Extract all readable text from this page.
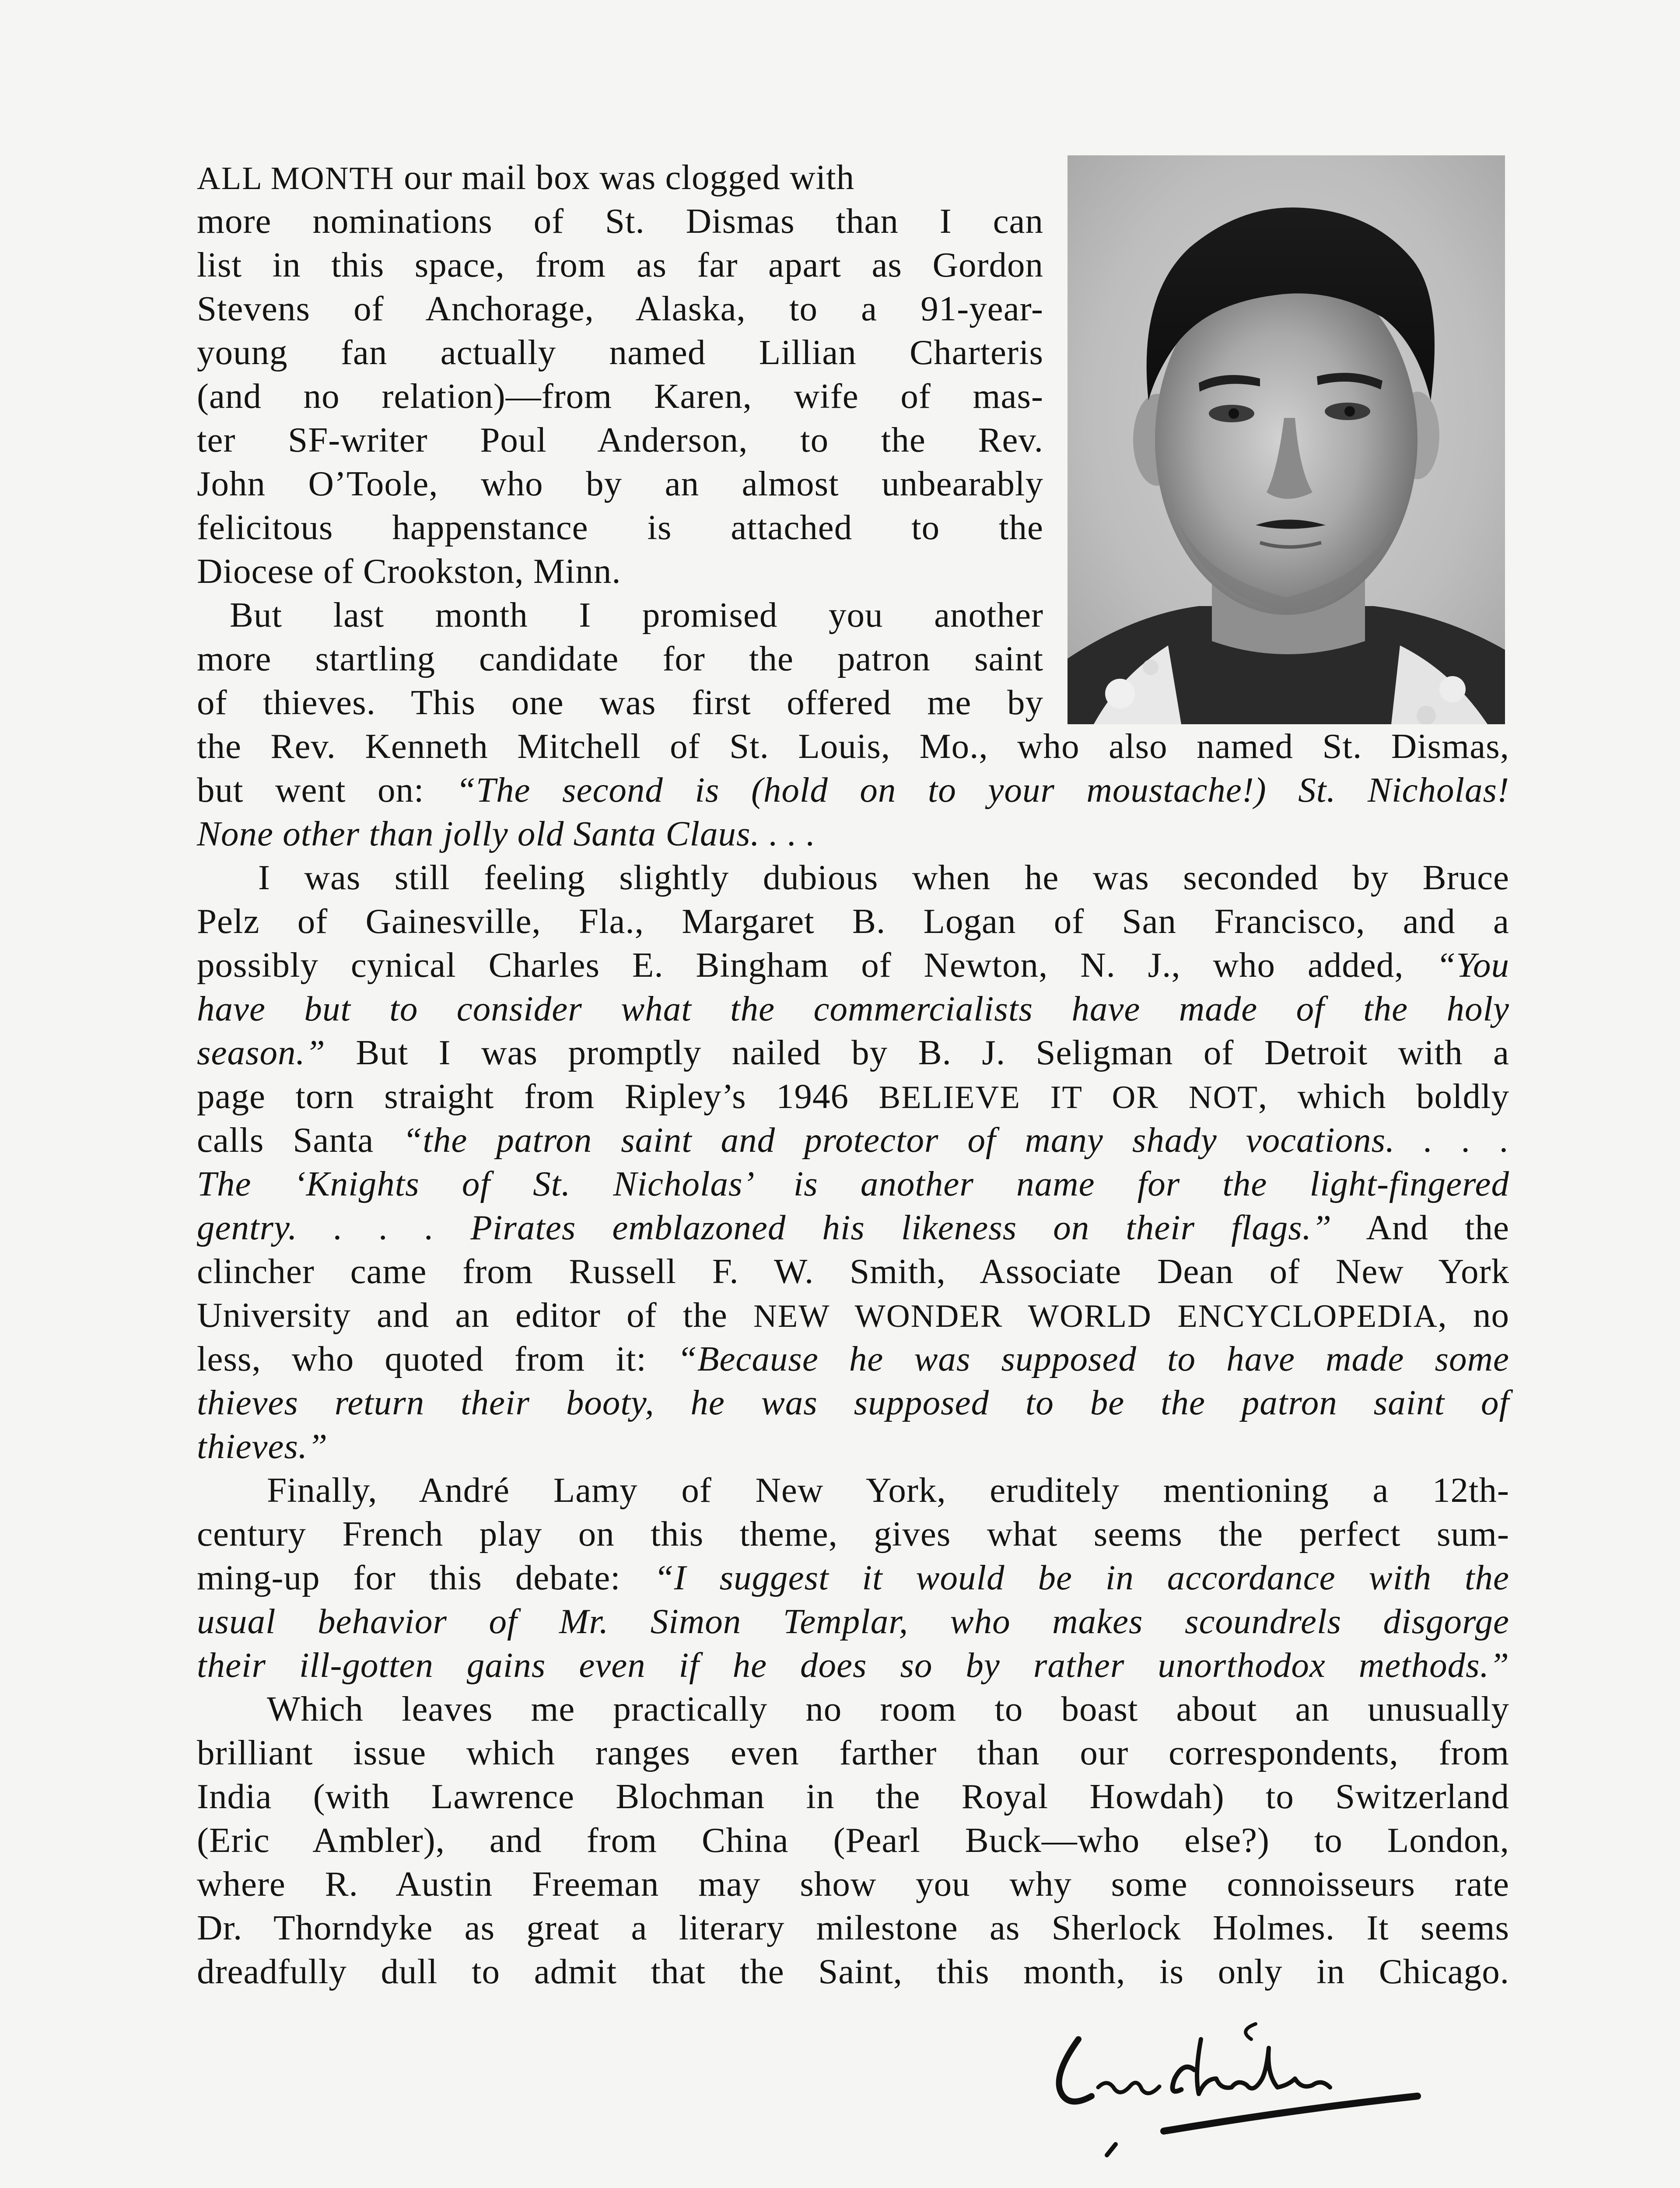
ALL MONTH our mail box was clogged with
more nominations of St. Dismas than I can
list in this space, from as far apart as Gordon
Stevens of Anchorage, Alaska, to a 91-year-
young fan actually named Lillian Charteris
(and no relation)—from Karen, wife of mas-
ter SF-writer Poul Anderson, to the Rev.
John O’Toole, who by an almost unbearably
felicitous happenstance is attached to the
Diocese of Crookston, Minn.
But last month I promised you another
more startling candidate for the patron saint
of thieves. This one was first offered me by
the Rev. Kenneth Mitchell of St. Louis, Mo., who also named St. Dismas,
but went on: “The second is (hold on to your moustache!) St. Nicholas!
None other than jolly old Santa Claus. . . .
I was still feeling slightly dubious when he was seconded by Bruce
Pelz of Gainesville, Fla., Margaret B. Logan of San Francisco, and a
possibly cynical Charles E. Bingham of Newton, N. J., who added, “You
have but to consider what the commercialists have made of the holy
season.” But I was promptly nailed by B. J. Seligman of Detroit with a
page torn straight from Ripley’s 1946 BELIEVE IT OR NOT, which boldly
calls Santa “the patron saint and protector of many shady vocations. . . .
The ‘Knights of St. Nicholas’ is another name for the light-fingered
gentry. . . . Pirates emblazoned his likeness on their flags.” And the
clincher came from Russell F. W. Smith, Associate Dean of New York
University and an editor of the NEW WONDER WORLD ENCYCLOPEDIA, no
less, who quoted from it: “Because he was supposed to have made some
thieves return their booty, he was supposed to be the patron saint of
thieves.”
Finally, André Lamy of New York, eruditely mentioning a 12th-
century French play on this theme, gives what seems the perfect sum-
ming-up for this debate: “I suggest it would be in accordance with the
usual behavior of Mr. Simon Templar, who makes scoundrels disgorge
their ill-gotten gains even if he does so by rather unorthodox methods.”
Which leaves me practically no room to boast about an unusually
brilliant issue which ranges even farther than our correspondents, from
India (with Lawrence Blochman in the Royal Howdah) to Switzerland
(Eric Ambler), and from China (Pearl Buck—who else?) to London,
where R. Austin Freeman may show you why some connoisseurs rate
Dr. Thorndyke as great a literary milestone as Sherlock Holmes. It seems
dreadfully dull to admit that the Saint, this month, is only in Chicago.
